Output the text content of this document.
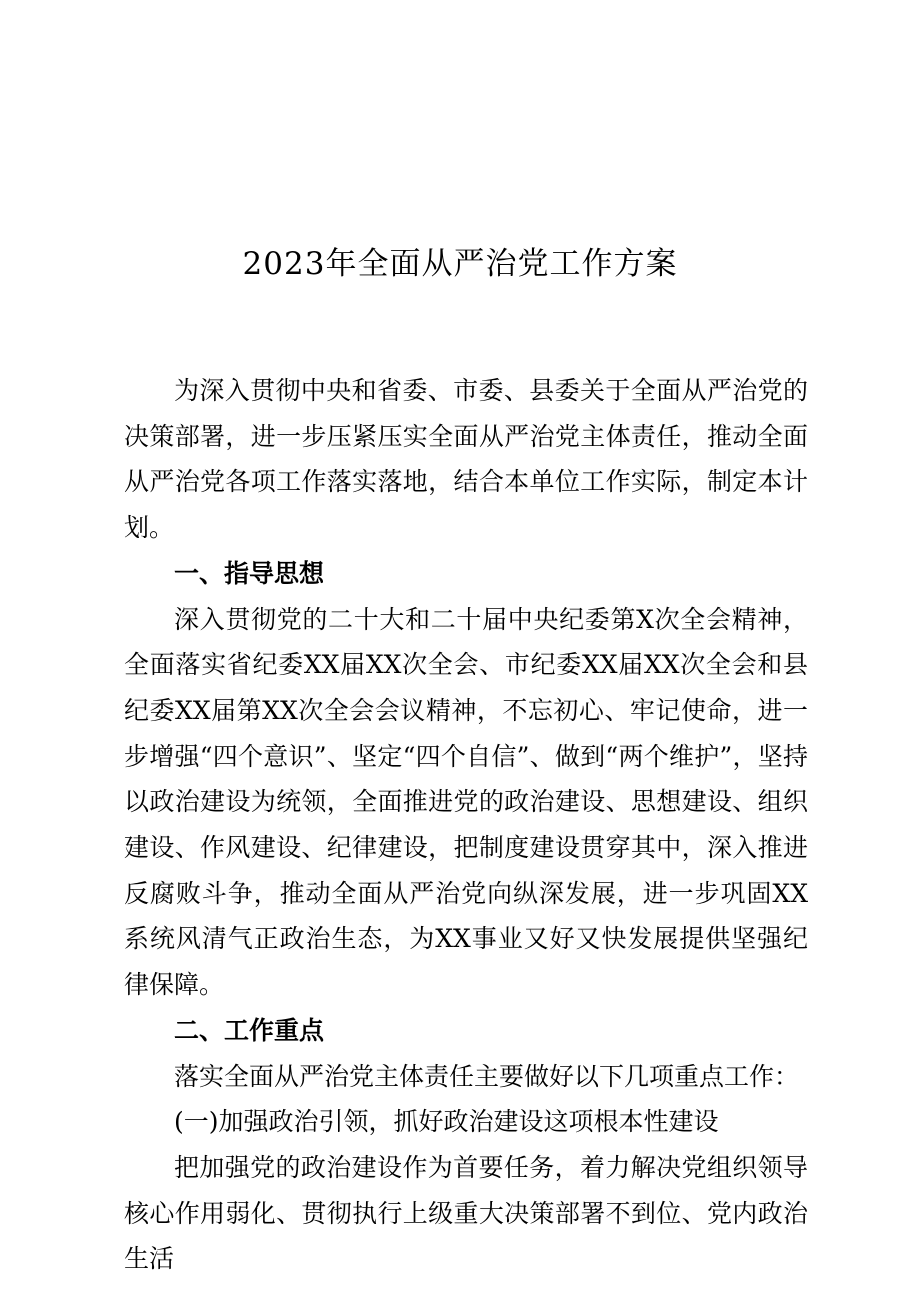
2023年全面从严治党工作方案

为深入贯彻中央和省委、市委、县委关于全面从严治党的决策部署，进一步压紧压实全面从严治党主体责任，推动全面从严治党各项工作落实落地，结合本单位工作实际，制定本计划。

一、指导思想

深入贯彻党的二十大和二十届中央纪委第X次全会精神，全面落实省纪委XX届XX次全会、市纪委XX届XX次全会和县纪委XX届第XX次全会会议精神，不忘初心、牢记使命，进一步增强“四个意识”、坚定“四个自信”、做到“两个维护”，坚持以政治建设为统领，全面推进党的政治建设、思想建设、组织建设、作风建设、纪律建设，把制度建设贯穿其中，深入推进反腐败斗争，推动全面从严治党向纵深发展，进一步巩固XX系统风清气正政治生态，为XX事业又好又快发展提供坚强纪律保障。

二、工作重点

落实全面从严治党主体责任主要做好以下几项重点工作：

(一)加强政治引领，抓好政治建设这项根本性建设

把加强党的政治建设作为首要任务，着力解决党组织领导核心作用弱化、贯彻执行上级重大决策部署不到位、党内政治生活
